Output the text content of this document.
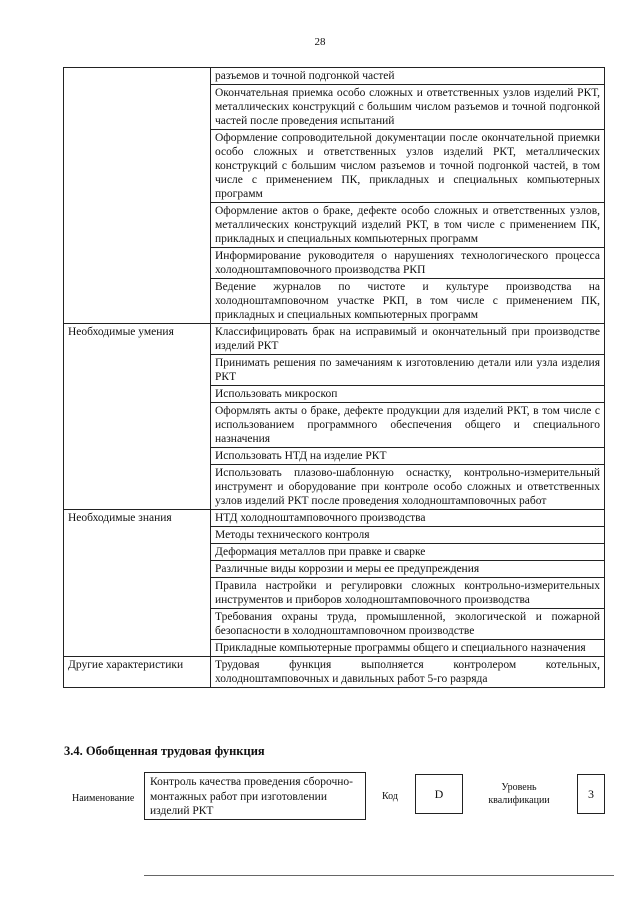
28
	разъемов и точной подгонкой частей
	Окончательная приемка особо сложных и ответственных узлов изделий РКТ, металлических конструкций с большим числом разъемов и точной подгонкой частей после проведения испытаний
	Оформление сопроводительной документации после окончательной приемки особо сложных и ответственных узлов изделий РКТ, металлических конструкций с большим числом разъемов и точной подгонкой частей, в том числе с применением ПК, прикладных и специальных компьютерных программ
	Оформление актов о браке, дефекте особо сложных и ответственных узлов, металлических конструкций изделий РКТ, в том числе с применением ПК, прикладных и специальных компьютерных программ
	Информирование руководителя о нарушениях технологического процесса холодноштамповочного производства РКП
	Ведение журналов по чистоте и культуре производства на холодноштамповочном участке РКП, в том числе с применением ПК, прикладных и специальных компьютерных программ
Необходимые умения	Классифицировать брак на исправимый и окончательный при производстве изделий РКТ
	Принимать решения по замечаниям к изготовлению детали или узла изделия РКТ
	Использовать микроскоп
	Оформлять акты о браке, дефекте продукции для изделий РКТ, в том числе с использованием программного обеспечения общего и специального назначения
	Использовать НТД на изделие РКТ
	Использовать плазово-шаблонную оснастку, контрольно-измерительный инструмент и оборудование при контроле особо сложных и ответственных узлов изделий РКТ после проведения холодноштамповочных работ
Необходимые знания	НТД холодноштамповочного производства
	Методы технического контроля
	Деформация металлов при правке и сварке
	Различные виды коррозии и меры ее предупреждения
	Правила настройки и регулировки сложных контрольно-измерительных инструментов и приборов холодноштамповочного производства
	Требования охраны труда, промышленной, экологической и пожарной безопасности в холодноштамповочном производстве
	Прикладные компьютерные программы общего и специального назначения
Другие характеристики	Трудовая функция выполняется контролером котельных, холодноштамповочных и давильных работ 5-го разряда
3.4. Обобщенная трудовая функция
Наименование
Контроль качества проведения сборочно-монтажных работ при изготовлении изделий РКТ
Код	D	Уровень квалификации	3
